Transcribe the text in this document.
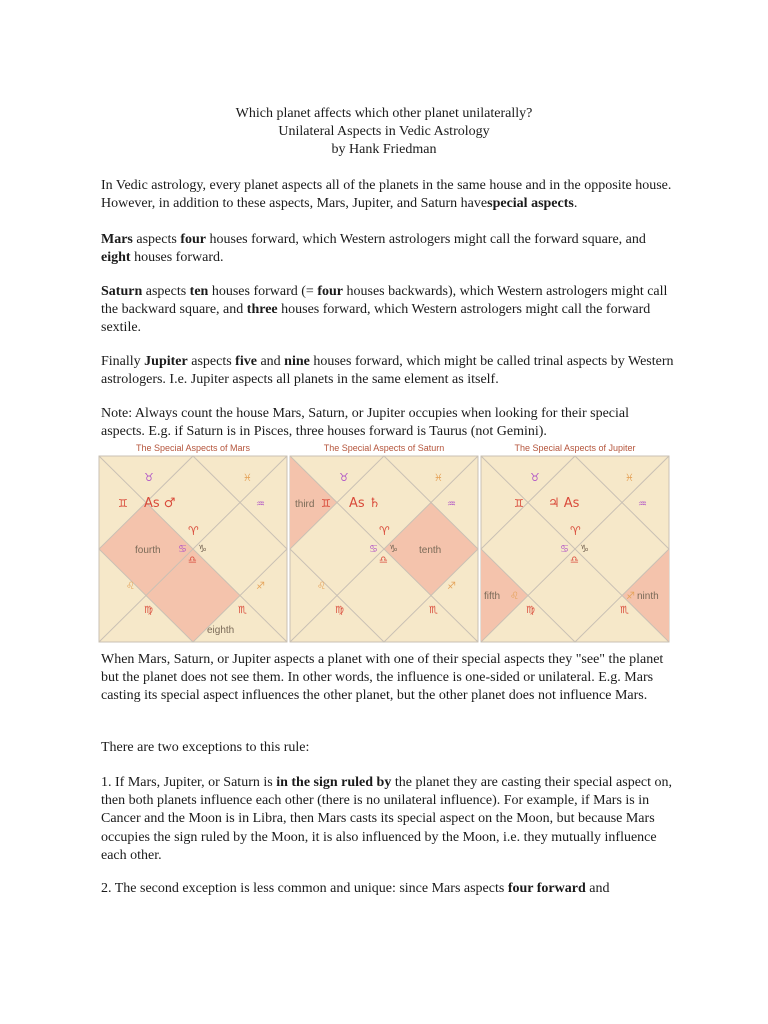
Which planet affects which other planet unilaterally?
Unilateral Aspects in Vedic Astrology
by Hank Friedman

In Vedic astrology, every planet aspects all of the planets in the same house and in the opposite house. However, in addition to these aspects, Mars, Jupiter, and Saturn havespecial aspects.

Mars aspects four houses forward, which Western astrologers might call the forward square, and eight houses forward.

Saturn aspects ten houses forward (= four houses backwards), which Western astrologers might call the backward square, and three houses forward, which Western astrologers might call the forward sextile.

Finally Jupiter aspects five and nine houses forward, which might be called trinal aspects by Western astrologers. I.e. Jupiter aspects all planets in the same element as itself.

Note: Always count the house Mars, Saturn, or Jupiter occupies when looking for their special aspects. E.g. if Saturn is in Pisces, three houses forward is Taurus (not Gemini).

The Special Aspects of Mars
As ♂
fourth
eighth
♉
♊
♈
♋ ♑
♎
♓
♒
♌
♍	♏
♐
The Special Aspects of Saturn
As ♄
third
tenth
♉
♊
♈
♋ ♑
♎
♓
♒
♌
♍	♏
♐
The Special Aspects of Jupiter
♃ As
fifth	ninth
♉
♊
♈
♋ ♑
♎
♓
♒
♌
♍	♏
♐

When Mars, Saturn, or Jupiter aspects a planet with one of their special aspects they "see" the planet but the planet does not see them. In other words, the influence is one-sided or unilateral. E.g. Mars casting its special aspect influences the other planet, but the other planet does not influence Mars.

There are two exceptions to this rule:

1. If Mars, Jupiter, or Saturn is in the sign ruled by the planet they are casting their special aspect on, then both planets influence each other (there is no unilateral influence). For example, if Mars is in Cancer and the Moon is in Libra, then Mars casts its special aspect on the Moon, but because Mars occupies the sign ruled by the Moon, it is also influenced by the Moon, i.e. they mutually influence each other.

2. The second exception is less common and unique: since Mars aspects four forward and
